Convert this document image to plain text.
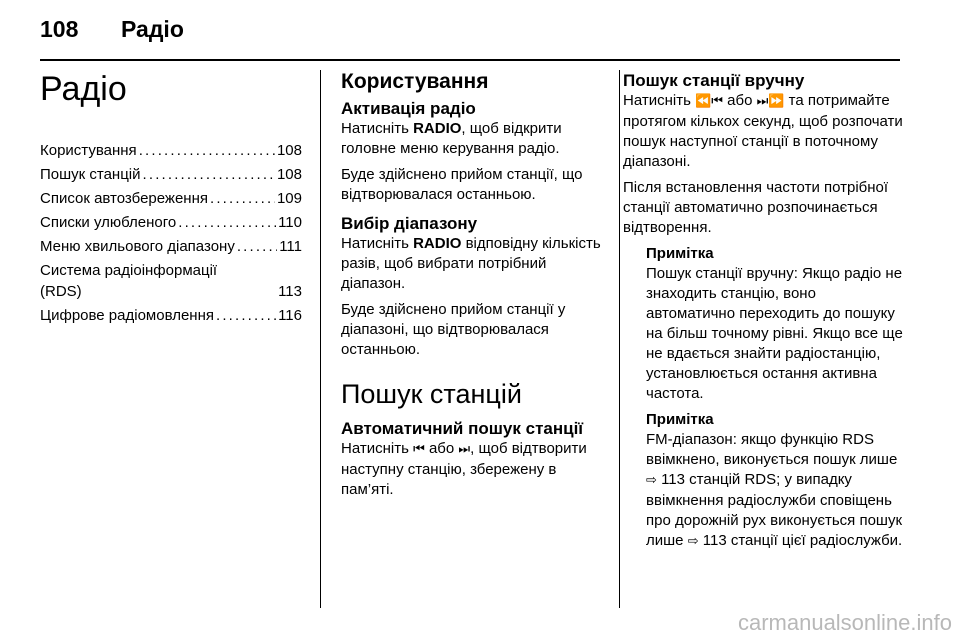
108 Радіо
Радіо
Користування . . .	108
Пошук станцій . . .	108
Список автозбереження . . .	109
Списки улюбленого . . .	110
Меню хвильового діапазону . . .	111
Система радіоінформації
(RDS)	113
Цифрове радіомовлення . . .	116
Користування
Активація радіо

Натисніть RADIO, щоб відкрити головне меню керування радіо.

Буде здійснено прийом станції, що відтворювалася останньою.

Вибір діапазону

Натисніть RADIO відповідну кількість разів, щоб вибрати потрібний діапазон.

Буде здійснено прийом станції у діапазоні, що відтворювалася останньою.

Пошук станцій
Автоматичний пошук станції

Натисніть ⏮ або ⏭, щоб відтворити наступну станцію, збережену в пам’яті.

Пошук станції вручну

Натисніть ⏪⏮ або ⏭⏩ та потримайте протягом кількох секунд, щоб розпочати пошук наступної станції в поточному діапазоні.

Після встановлення частоти потрібної станції автоматично розпочинається відтворення.

Примітка

Пошук станції вручну: Якщо радіо не знаходить станцію, воно автоматично переходить до пошуку на більш точному рівні. Якщо все ще не вдається знайти радіостанцію, установлюється остання активна частота.

Примітка

FM-діапазон: якщо функцію RDS ввімкнено, виконується пошук лише ⇨ 113 станцій RDS; у випадку ввімкнення радіослужби сповіщень про дорожній рух виконується пошук лише ⇨ 113 станції цієї радіослужби.

carmanualsonline.info
